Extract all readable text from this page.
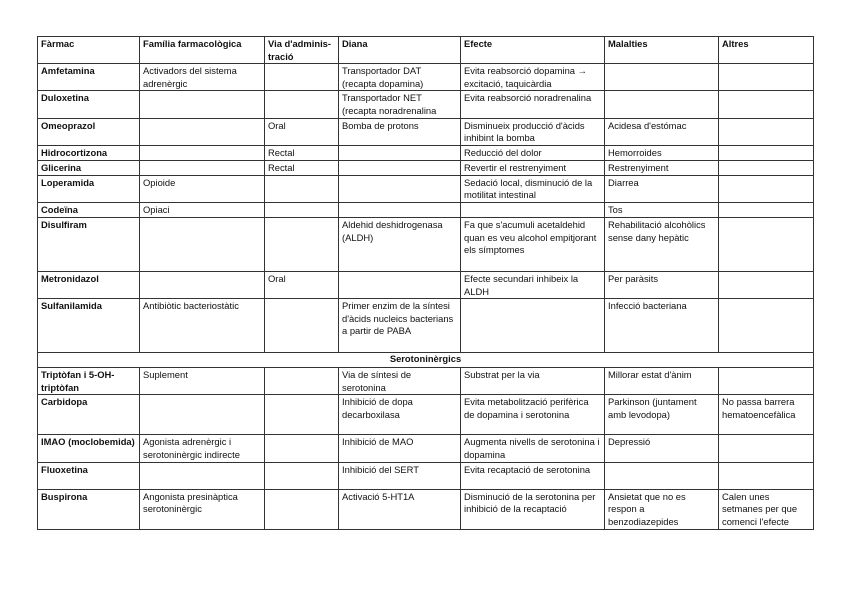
Fàrmac	Família farmacològica	Via d'adminis-tració	Diana	Efecte	Malalties	Altres
Amfetamina	Activadors del sistema adrenèrgic		Transportador DAT (recapta dopamina)	Evita reabsorció dopamina → excitació, taquicàrdia		
Duloxetina			Transportador NET (recapta noradrenalina	Evita reabsorció noradrenalina		
Omeoprazol		Oral	Bomba de protons	Disminueix producció d'àcids inhibint la bomba	Acidesa d'estómac	
Hidrocortizona		Rectal		Reducció del dolor	Hemorroides	
Glicerina		Rectal		Revertir el restrenyiment	Restrenyiment	
Loperamida	Opioide			Sedació local, disminució de la motilitat intestinal	Diarrea	
Codeïna	Opiaci				Tos	
Disulfiram			Aldehid deshidrogenasa (ALDH)	Fa que s'acumuli acetaldehid quan es veu alcohol empitjorant els símptomes	Rehabilitació alcohòlics sense dany hepàtic	
Metronidazol		Oral		Efecte secundari inhibeix la ALDH	Per paràsits	
Sulfanilamida	Antibiòtic bacteriostàtic		Primer enzim de la síntesi d'àcids nucleics bacterians a partir de PABA		Infecció bacteriana	
Serotoninèrgics						
Triptòfan i 5-OH-triptòfan	Suplement		Via de síntesi de serotonina	Substrat per la via	Millorar estat d'ànim	
Carbidopa			Inhibició de dopa decarboxilasa	Evita metabolització perifèrica de dopamina i serotonina	Parkinson (juntament amb levodopa)	No passa barrera hematoencefàlica
IMAO (moclobemida)	Agonista adrenèrgic i serotoninèrgic indirecte		Inhibició de MAO	Augmenta nivells de serotonina i dopamina	Depressió	
Fluoxetina			Inhibició del SERT	Evita recaptació de serotonina		
Buspirona	Angonista presinàptica serotoninèrgic		Activació 5-HT1A	Disminució de la serotonina per inhibició de la recaptació	Ansietat que no es respon a benzodiazepides	Calen unes setmanes per que comenci l'efecte
